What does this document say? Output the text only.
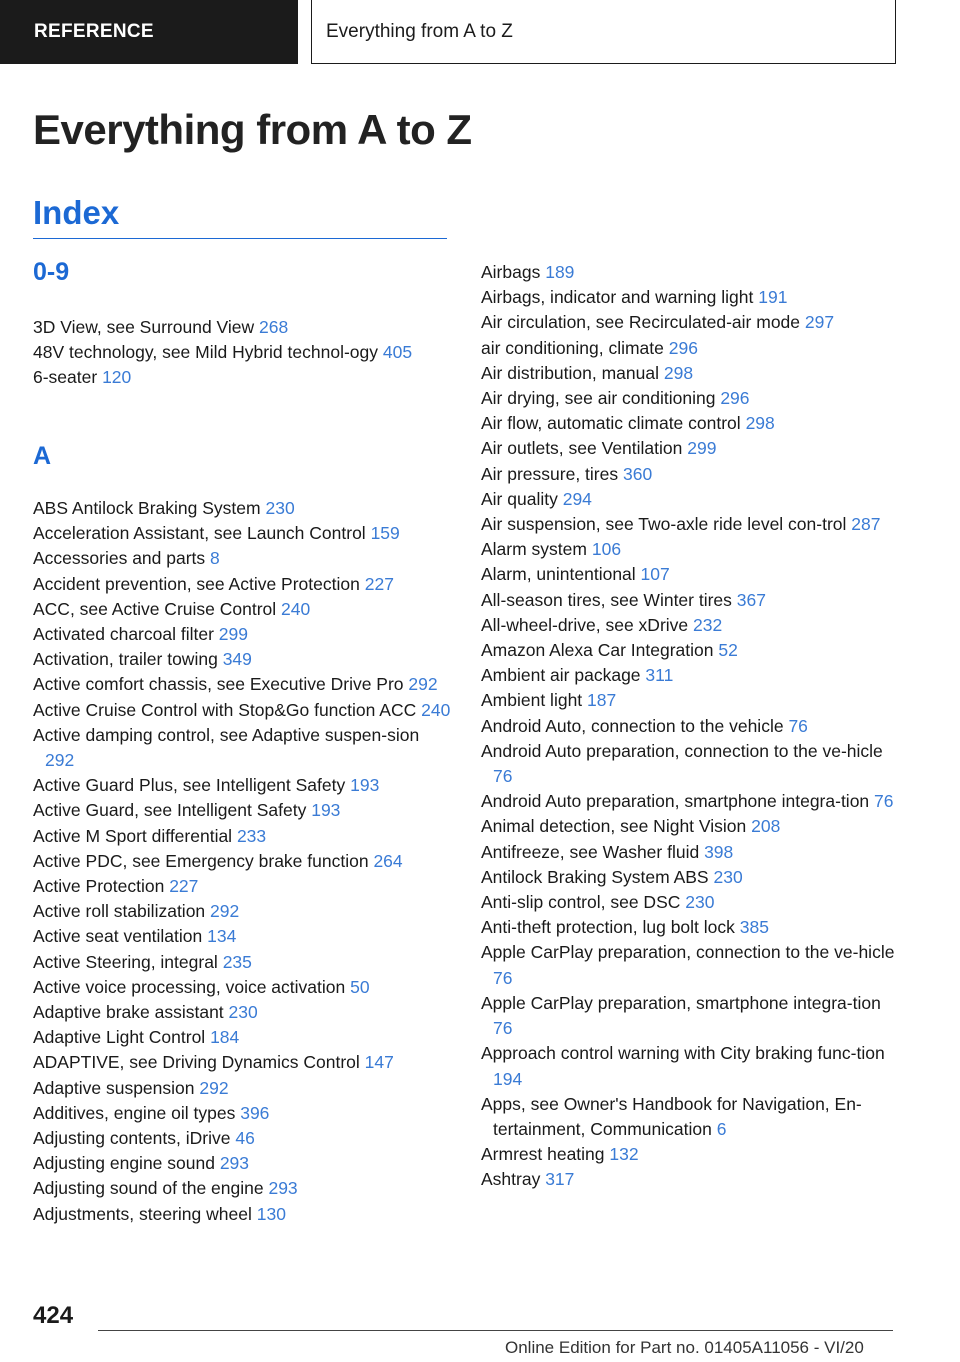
REFERENCE	Everything from A to Z
Everything from A to Z
Index
0-9
3D View, see Surround View 268
48V technology, see Mild Hybrid technol-ogy 405
6-seater 120
A
ABS Antilock Braking System 230
Acceleration Assistant, see Launch Control 159
Accessories and parts 8
Accident prevention, see Active Protection 227
ACC, see Active Cruise Control 240
Activated charcoal filter 299
Activation, trailer towing 349
Active comfort chassis, see Executive Drive Pro 292
Active Cruise Control with Stop&Go function ACC 240
Active damping control, see Adaptive suspen-sion 292
Active Guard Plus, see Intelligent Safety 193
Active Guard, see Intelligent Safety 193
Active M Sport differential 233
Active PDC, see Emergency brake function 264
Active Protection 227
Active roll stabilization 292
Active seat ventilation 134
Active Steering, integral 235
Active voice processing, voice activation 50
Adaptive brake assistant 230
Adaptive Light Control 184
ADAPTIVE, see Driving Dynamics Control 147
Adaptive suspension 292
Additives, engine oil types 396
Adjusting contents, iDrive 46
Adjusting engine sound 293
Adjusting sound of the engine 293
Adjustments, steering wheel 130
Airbags 189
Airbags, indicator and warning light 191
Air circulation, see Recirculated-air mode 297
air conditioning, climate 296
Air distribution, manual 298
Air drying, see air conditioning 296
Air flow, automatic climate control 298
Air outlets, see Ventilation 299
Air pressure, tires 360
Air quality 294
Air suspension, see Two-axle ride level con-trol 287
Alarm system 106
Alarm, unintentional 107
All-season tires, see Winter tires 367
All-wheel-drive, see xDrive 232
Amazon Alexa Car Integration 52
Ambient air package 311
Ambient light 187
Android Auto, connection to the vehicle 76
Android Auto preparation, connection to the ve-hicle 76
Android Auto preparation, smartphone integra-tion 76
Animal detection, see Night Vision 208
Antifreeze, see Washer fluid 398
Antilock Braking System ABS 230
Anti-slip control, see DSC 230
Anti-theft protection, lug bolt lock 385
Apple CarPlay preparation, connection to the ve-hicle 76
Apple CarPlay preparation, smartphone integra-tion 76
Approach control warning with City braking func-tion 194
Apps, see Owner's Handbook for Navigation, En-tertainment, Communication 6
Armrest heating 132
Ashtray 317
424
Online Edition for Part no. 01405A11056 - VI/20
